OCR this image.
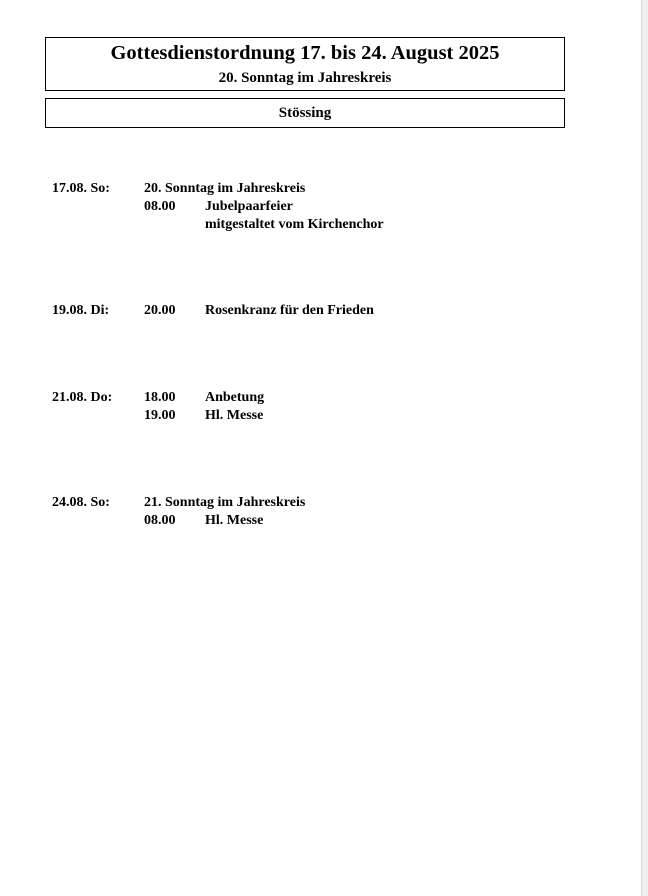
Gottesdienstordnung 17. bis 24. August 2025
20. Sonntag im Jahreskreis
Stössing
17.08. So: 20. Sonntag im Jahreskreis
08.00 Jubelpaarfeier
mitgestaltet vom Kirchenchor
19.08. Di: 20.00 Rosenkranz für den Frieden
21.08. Do: 18.00 Anbetung
19.00 Hl. Messe
24.08. So: 21. Sonntag im Jahreskreis
08.00 Hl. Messe
